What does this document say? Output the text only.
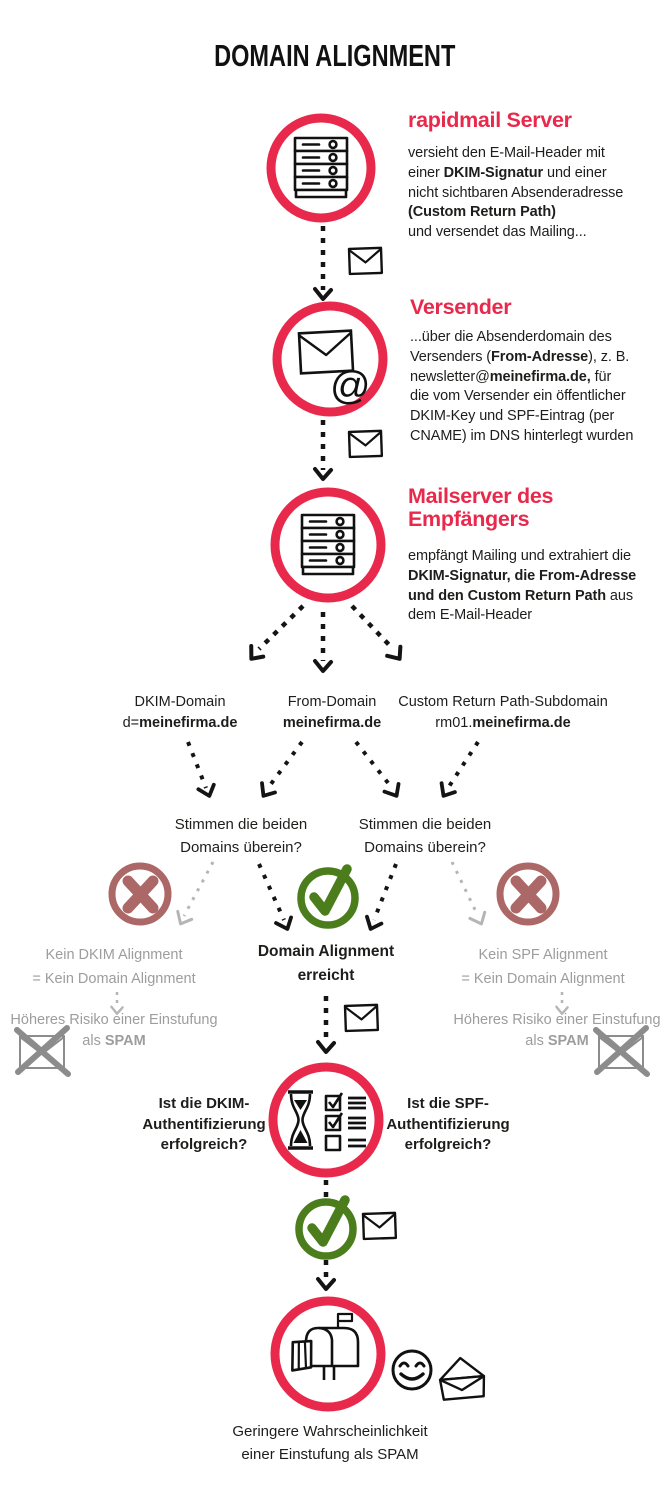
@
DOMAIN ALIGNMENT
rapidmail Server
versieht den E-Mail-Header mit
einer DKIM-Signatur und einer
nicht sichtbaren Absenderadresse
(Custom Return Path)
und versendet das Mailing...
Versender
...über die Absenderdomain des
Versenders (From-Adresse), z. B.
newsletter@meinefirma.de, für
die vom Versender ein öffentlicher
DKIM-Key und SPF-Eintrag (per
CNAME) im DNS hinterlegt wurden
Mailserver des
Empfängers
empfängt Mailing und extrahiert die
DKIM-Signatur, die From-Adresse
und den Custom Return Path aus
dem E-Mail-Header
DKIM-Domain
d=meinefirma.de
From-Domain
meinefirma.de
Custom Return Path-Subdomain
rm01.meinefirma.de
Stimmen die beiden
Domains überein?
Stimmen die beiden
Domains überein?
Kein DKIM Alignment
= Kein Domain Alignment
Domain Alignment
erreicht
Kein SPF Alignment
= Kein Domain Alignment
Höheres Risiko einer Einstufung
als SPAM
Höheres Risiko einer Einstufung
als SPAM
Ist die DKIM-
Authentifizierung
erfolgreich?
Ist die SPF-
Authentifizierung
erfolgreich?
Geringere Wahrscheinlichkeit
einer Einstufung als SPAM
